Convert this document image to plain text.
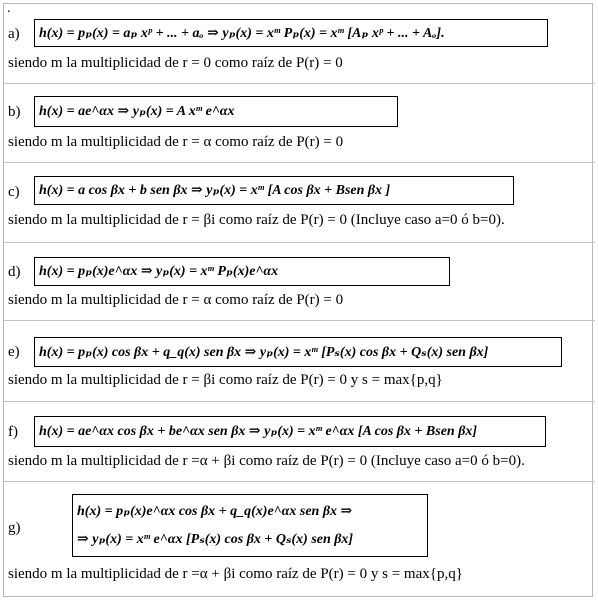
.
a)	h(x) = pₚ(x) = aₚ xᵖ + ... + aₒ ⇒ yₚ(x) = xᵐ Pₚ(x) = xᵐ [Aₚ xᵖ + ... + Aₒ].
siendo m la multiplicidad de r = 0 como raíz de P(r) = 0
b)	h(x) = ae^αx ⇒ yₚ(x) = A xᵐ e^αx
siendo m la multiplicidad de r = α como raíz de P(r) = 0
c)	h(x) = a cos βx + b sen βx ⇒ yₚ(x) = xᵐ [A cos βx + Bsen βx ]
siendo m la multiplicidad de r = βi como raíz de P(r) = 0 (Incluye caso a=0 ó b=0).
d)	h(x) = pₚ(x)e^αx ⇒ yₚ(x) = xᵐ Pₚ(x)e^αx
siendo m la multiplicidad de r = α como raíz de P(r) = 0
e)	h(x) = pₚ(x) cos βx + q_q(x) sen βx ⇒ yₚ(x) = xᵐ [Pₛ(x) cos βx + Qₛ(x) sen βx]
siendo m la multiplicidad de r = βi como raíz de P(r) = 0 y s = max{p,q}
f)	h(x) = ae^αx cos βx + be^αx sen βx ⇒ yₚ(x) = xᵐ e^αx [A cos βx + Bsen βx]
siendo m la multiplicidad de r =α + βi como raíz de P(r) = 0 (Incluye caso a=0 ó b=0).
g)
h(x) = pₚ(x)e^αx cos βx + q_q(x)e^αx sen βx ⇒
⇒ yₚ(x) = xᵐ e^αx [Pₛ(x) cos βx + Qₛ(x) sen βx]
siendo m la multiplicidad de r =α + βi como raíz de P(r) = 0 y s = max{p,q}
